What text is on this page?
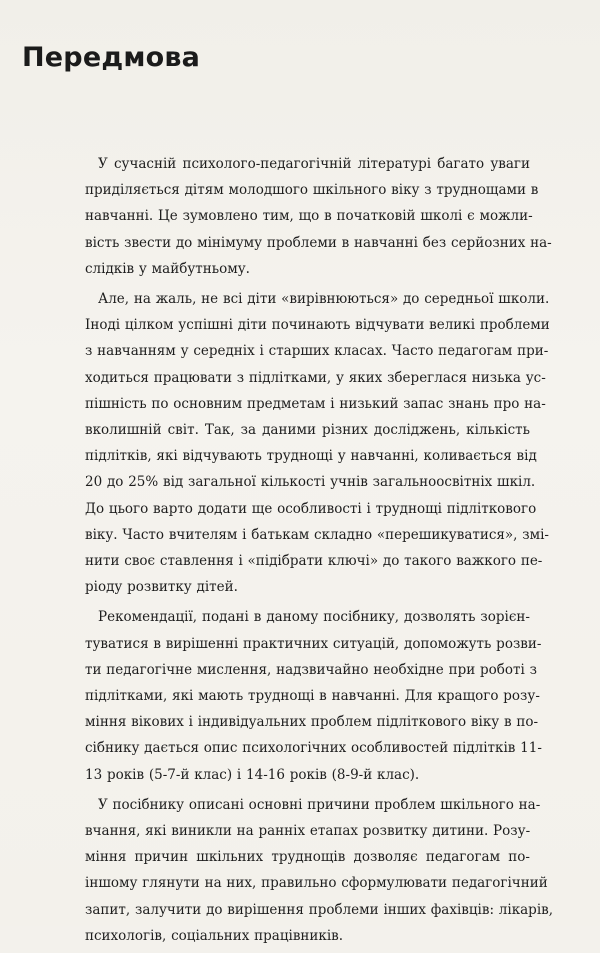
Передмова

У сучасній психолого-педагогічній літературі багато уваги
приділяється дітям молодшого шкільного віку з труднощами в
навчанні. Це зумовлено тим, що в початковій школі є можли-
вість звести до мінімуму проблеми в навчанні без серйозних на-
слідків у майбутньому.

Але, на жаль, не всі діти «вирівнюються» до середньої школи.
Іноді цілком успішні діти починають відчувати великі проблеми
з навчанням у середніх і старших класах. Часто педагогам при-
ходиться працювати з підлітками, у яких збереглася низька ус-
пішність по основним предметам і низький запас знань про на-
вколишній світ. Так, за даними різних досліджень, кількість
підлітків, які відчувають труднощі у навчанні, коливається від
20 до 25% від загальної кількості учнів загальноосвітніх шкіл.
До цього варто додати ще особливості і труднощі підліткового
віку. Часто вчителям і батькам складно «перешикуватися», змі-
нити своє ставлення і «підібрати ключі» до такого важкого пе-
ріоду розвитку дітей.

Рекомендації, подані в даному посібнику, дозволять зорієн-
туватися в вирішенні практичних ситуацій, допоможуть розви-
ти педагогічне мислення, надзвичайно необхідне при роботі з
підлітками, які мають труднощі в навчанні. Для кращого розу-
міння вікових і індивідуальних проблем підліткового віку в по-
сібнику дається опис психологічних особливостей підлітків 11-
13 років (5-7-й клас) і 14-16 років (8-9-й клас).

У посібнику описані основні причини проблем шкільного на-
вчання, які виникли на ранніх етапах розвитку дитини. Розу-
міння причин шкільних труднощів дозволяє педагогам по-
іншому глянути на них, правильно сформулювати педагогічний
запит, залучити до вирішення проблеми інших фахівців: лікарів,
психологів, соціальних працівників.
